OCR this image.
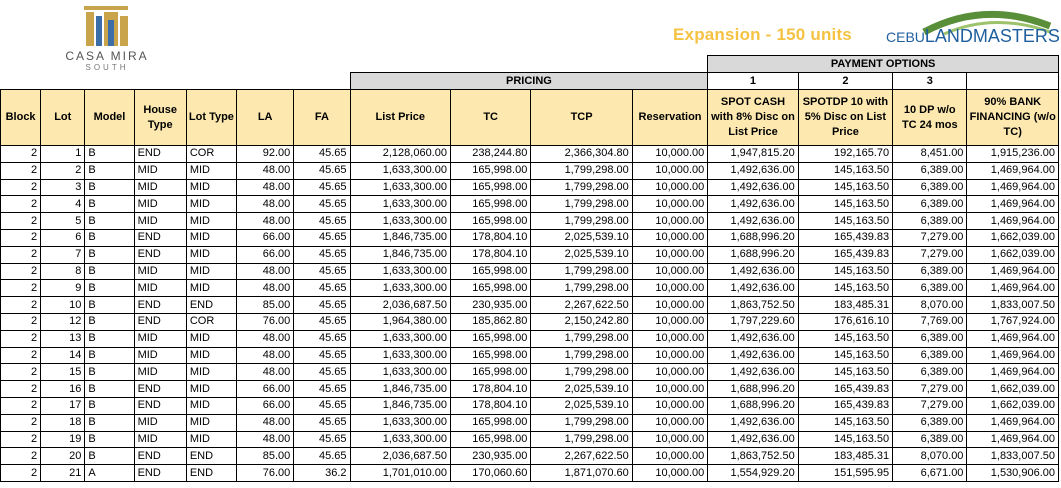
CASA MIRA
SOUTH
Expansion - 150 units CEBULANDMASTERS
											PAYMENT OPTIONS			
							PRICING				1	2	3	
Block	Lot	Model	House Type	Lot Type	LA	FA	List Price	TC	TCP	Reservation	SPOT CASH with 8% Disc on List Price	SPOTDP 10 with 5% Disc on List Price	10 DP w/o TC 24 mos	90% BANK FINANCING (w/o TC)
2	1	B	END	COR	92.00	45.65	2,128,060.00	238,244.80	2,366,304.80	10,000.00	1,947,815.20	192,165.70	8,451.00	1,915,236.00
2	2	B	MID	MID	48.00	45.65	1,633,300.00	165,998.00	1,799,298.00	10,000.00	1,492,636.00	145,163.50	6,389.00	1,469,964.00
2	3	B	MID	MID	48.00	45.65	1,633,300.00	165,998.00	1,799,298.00	10,000.00	1,492,636.00	145,163.50	6,389.00	1,469,964.00
2	4	B	MID	MID	48.00	45.65	1,633,300.00	165,998.00	1,799,298.00	10,000.00	1,492,636.00	145,163.50	6,389.00	1,469,964.00
2	5	B	MID	MID	48.00	45.65	1,633,300.00	165,998.00	1,799,298.00	10,000.00	1,492,636.00	145,163.50	6,389.00	1,469,964.00
2	6	B	END	MID	66.00	45.65	1,846,735.00	178,804.10	2,025,539.10	10,000.00	1,688,996.20	165,439.83	7,279.00	1,662,039.00
2	7	B	END	MID	66.00	45.65	1,846,735.00	178,804.10	2,025,539.10	10,000.00	1,688,996.20	165,439.83	7,279.00	1,662,039.00
2	8	B	MID	MID	48.00	45.65	1,633,300.00	165,998.00	1,799,298.00	10,000.00	1,492,636.00	145,163.50	6,389.00	1,469,964.00
2	9	B	MID	MID	48.00	45.65	1,633,300.00	165,998.00	1,799,298.00	10,000.00	1,492,636.00	145,163.50	6,389.00	1,469,964.00
2	10	B	END	END	85.00	45.65	2,036,687.50	230,935.00	2,267,622.50	10,000.00	1,863,752.50	183,485.31	8,070.00	1,833,007.50
2	12	B	END	COR	76.00	45.65	1,964,380.00	185,862.80	2,150,242.80	10,000.00	1,797,229.60	176,616.10	7,769.00	1,767,924.00
2	13	B	MID	MID	48.00	45.65	1,633,300.00	165,998.00	1,799,298.00	10,000.00	1,492,636.00	145,163.50	6,389.00	1,469,964.00
2	14	B	MID	MID	48.00	45.65	1,633,300.00	165,998.00	1,799,298.00	10,000.00	1,492,636.00	145,163.50	6,389.00	1,469,964.00
2	15	B	MID	MID	48.00	45.65	1,633,300.00	165,998.00	1,799,298.00	10,000.00	1,492,636.00	145,163.50	6,389.00	1,469,964.00
2	16	B	END	MID	66.00	45.65	1,846,735.00	178,804.10	2,025,539.10	10,000.00	1,688,996.20	165,439.83	7,279.00	1,662,039.00
2	17	B	END	MID	66.00	45.65	1,846,735.00	178,804.10	2,025,539.10	10,000.00	1,688,996.20	165,439.83	7,279.00	1,662,039.00
2	18	B	MID	MID	48.00	45.65	1,633,300.00	165,998.00	1,799,298.00	10,000.00	1,492,636.00	145,163.50	6,389.00	1,469,964.00
2	19	B	MID	MID	48.00	45.65	1,633,300.00	165,998.00	1,799,298.00	10,000.00	1,492,636.00	145,163.50	6,389.00	1,469,964.00
2	20	B	END	END	85.00	45.65	2,036,687.50	230,935.00	2,267,622.50	10,000.00	1,863,752.50	183,485.31	8,070.00	1,833,007.50
2	21	A	END	END	76.00	36.2	1,701,010.00	170,060.60	1,871,070.60	10,000.00	1,554,929.20	151,595.95	6,671.00	1,530,906.00
